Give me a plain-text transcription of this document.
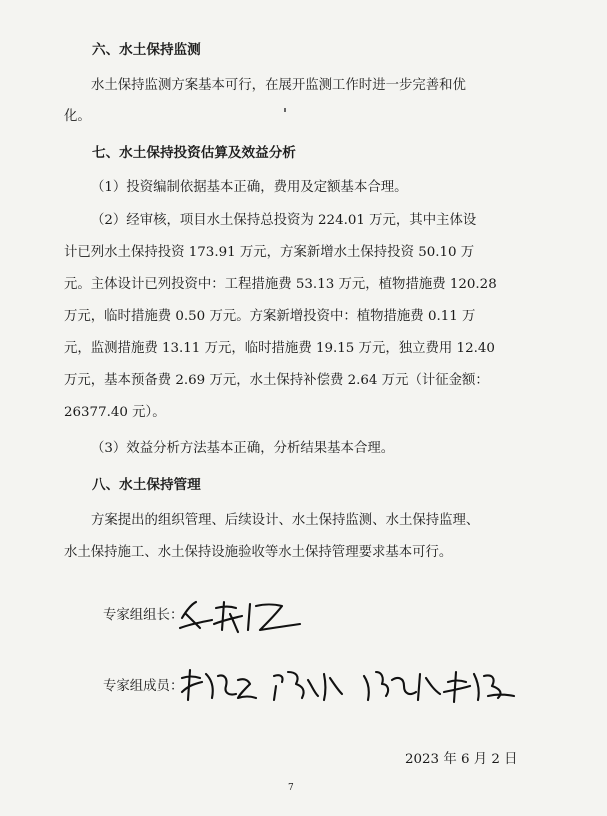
六、水土保持监测
水土保持监测方案基本可行，在展开监测工作时进一步完善和优
化。
七、水土保持投资估算及效益分析
（1）投资编制依据基本正确，费用及定额基本合理。
（2）经审核，项目水土保持总投资为 224.01 万元，其中主体设
计已列水土保持投资 173.91 万元，方案新增水土保持投资 50.10 万
元。主体设计已列投资中：工程措施费 53.13 万元，植物措施费 120.28
万元，临时措施费 0.50 万元。方案新增投资中：植物措施费 0.11 万
元，监测措施费 13.11 万元，临时措施费 19.15 万元，独立费用 12.40
万元，基本预备费 2.69 万元，水土保持补偿费 2.64 万元（计征金额：
26377.40 元）。
（3）效益分析方法基本正确，分析结果基本合理。
八、水土保持管理
方案提出的组织管理、后续设计、水土保持监测、水土保持监理、
水土保持施工、水土保持设施验收等水土保持管理要求基本可行。
专家组组长：
专家组成员：
2023 年 6 月 2 日
7
